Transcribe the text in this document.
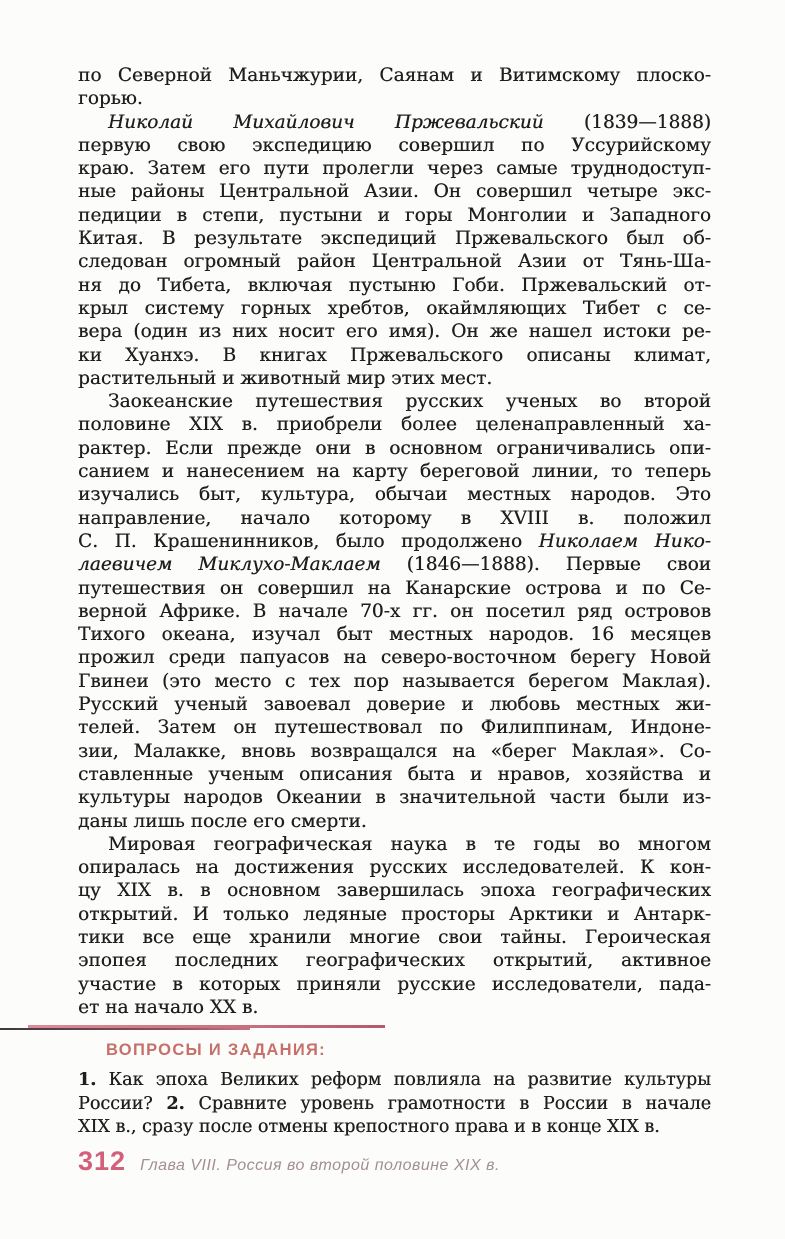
по Северной Маньчжурии, Саянам и Витимскому плоско-
горью.
Николай Михайлович Пржевальский (1839—1888)
первую свою экспедицию совершил по Уссурийскому
краю. Затем его пути пролегли через самые труднодоступ-
ные районы Центральной Азии. Он совершил четыре экс-
педиции в степи, пустыни и горы Монголии и Западного
Китая. В результате экспедиций Пржевальского был об-
следован огромный район Центральной Азии от Тянь-Ша-
ня до Тибета, включая пустыню Гоби. Пржевальский от-
крыл систему горных хребтов, окаймляющих Тибет с се-
вера (один из них носит его имя). Он же нашел истоки ре-
ки Хуанхэ. В книгах Пржевальского описаны климат,
растительный и животный мир этих мест.
Заокеанские путешествия русских ученых во второй
половине XIX в. приобрели более целенаправленный ха-
рактер. Если прежде они в основном ограничивались опи-
санием и нанесением на карту береговой линии, то теперь
изучались быт, культура, обычаи местных народов. Это
направление, начало которому в XVIII в. положил
С. П. Крашенинников, было продолжено Николаем Нико-
лаевичем Миклухо-Маклаем (1846—1888). Первые свои
путешествия он совершил на Канарские острова и по Се-
верной Африке. В начале 70-х гг. он посетил ряд островов
Тихого океана, изучал быт местных народов. 16 месяцев
прожил среди папуасов на северо-восточном берегу Новой
Гвинеи (это место с тех пор называется берегом Маклая).
Русский ученый завоевал доверие и любовь местных жи-
телей. Затем он путешествовал по Филиппинам, Индоне-
зии, Малакке, вновь возвращался на «берег Маклая». Со-
ставленные ученым описания быта и нравов, хозяйства и
культуры народов Океании в значительной части были из-
даны лишь после его смерти.
Мировая географическая наука в те годы во многом
опиралась на достижения русских исследователей. К кон-
цу XIX в. в основном завершилась эпоха географических
открытий. И только ледяные просторы Арктики и Антарк-
тики все еще хранили многие свои тайны. Героическая
эпопея последних географических открытий, активное
участие в которых приняли русские исследователи, пада-
ет на начало XX в.
ВОПРОСЫ И ЗАДАНИЯ:
1. Как эпоха Великих реформ повлияла на развитие культуры
России? 2. Сравните уровень грамотности в России в начале
XIX в., сразу после отмены крепостного права и в конце XIX в.
312 Глава VIII. Россия во второй половине XIX в.
